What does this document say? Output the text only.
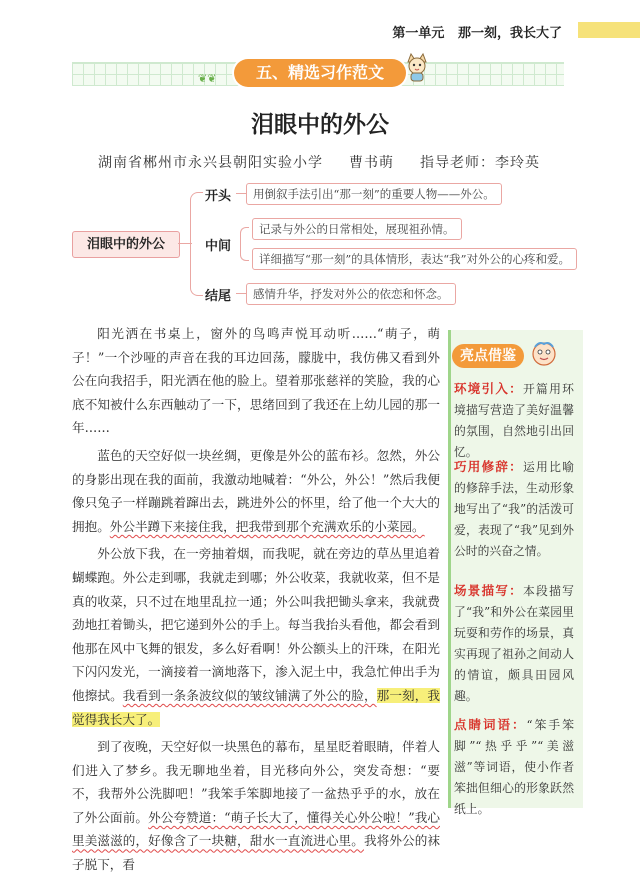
第一单元 那一刻，我长大了
❦❦	五、精选习作范文
泪眼中的外公
湖南省郴州市永兴县朝阳实验小学 曹书萌 指导老师：李玲英
泪眼中的外公
开头	用倒叙手法引出“那一刻”的重要人物——外公。
中间
记录与外公的日常相处，展现祖孙情。
详细描写“那一刻”的具体情形，表达“我”对外公的心疼和爱。
结尾	感情升华，抒发对外公的依恋和怀念。

阳光洒在书桌上，窗外的鸟鸣声悦耳动听……“萌子，萌子！”一个沙哑的声音在我的耳边回荡，朦胧中，我仿佛又看到外公在向我招手，阳光洒在他的脸上。望着那张慈祥的笑脸，我的心底不知被什么东西触动了一下，思绪回到了我还在上幼儿园的那一年……

蓝色的天空好似一块丝绸，更像是外公的蓝布衫。忽然，外公的身影出现在我的面前，我激动地喊着：“外公，外公！”然后我便像只兔子一样蹦跳着蹿出去，跳进外公的怀里，给了他一个大大的拥抱。外公半蹲下来接住我，把我带到那个充满欢乐的小菜园。

外公放下我，在一旁抽着烟，而我呢，就在旁边的草丛里追着蝴蝶跑。外公走到哪，我就走到哪；外公收菜，我就收菜，但不是真的收菜，只不过在地里乱拉一通；外公叫我把锄头拿来，我就费劲地扛着锄头，把它递到外公的手上。每当我抬头看他，都会看到他那在风中飞舞的银发，多么好看啊！外公额头上的汗珠，在阳光下闪闪发光，一滴接着一滴地落下，渗入泥土中，我急忙伸出手为他擦拭。我看到一条条波纹似的皱纹铺满了外公的脸，那一刻，我觉得我长大了。

到了夜晚，天空好似一块黑色的幕布，星星眨着眼睛，伴着人们进入了梦乡。我无聊地坐着，目光移向外公，突发奇想：“要不，我帮外公洗脚吧！”我笨手笨脚地接了一盆热乎乎的水，放在了外公面前。外公夸赞道：“萌子长大了，懂得关心外公啦！”我心里美滋滋的，好像含了一块糖，甜水一直流进心里。我将外公的袜子脱下，看

亮点借鉴
环境引入：开篇用环境描写营造了美好温馨的氛围，自然地引出回忆。
巧用修辞：运用比喻的修辞手法，生动形象地写出了“我”的活泼可爱，表现了“我”见到外公时的兴奋之情。
场景描写：本段描写了“我”和外公在菜园里玩耍和劳作的场景，真实再现了祖孙之间动人的情谊，颇具田园风趣。
点睛词语：“笨手笨脚”“热乎乎”“美滋滋”等词语，使小作者笨拙但细心的形象跃然纸上。
